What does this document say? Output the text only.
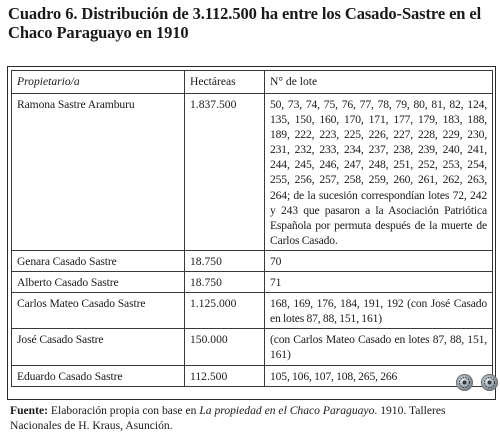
Cuadro 6. Distribución de 3.112.500 ha entre los Casado-Sastre en el Chaco Paraguayo en 1910
Propietario/a	Hectáreas	N° de lote
Ramona Sastre Aramburu	1.837.500	50, 73, 74, 75, 76, 77, 78, 79, 80, 81, 82, 124, 135, 150, 160, 170, 171, 177, 179, 183, 188, 189, 222, 223, 225, 226, 227, 228, 229, 230, 231, 232, 233, 234, 237, 238, 239, 240, 241, 244, 245, 246, 247, 248, 251, 252, 253, 254, 255, 256, 257, 258, 259, 260, 261, 262, 263, 264; de la sucesión correspondían lotes 72, 242 y 243 que pasaron a la Asociación Patriótica Española por permuta después de la muerte de Carlos Casado.
Genara Casado Sastre	18.750	70
Alberto Casado Sastre	18.750	71
Carlos Mateo Casado Sastre	1.125.000	168, 169, 176, 184, 191, 192 (con José Casado en lotes 87, 88, 151, 161)
José Casado Sastre	150.000	(con Carlos Mateo Casado en lotes 87, 88, 151, 161)
Eduardo Casado Sastre	112.500	105, 106, 107, 108, 265, 266
Fuente: Elaboración propia con base en La propiedad en el Chaco Paraguayo. 1910. Talleres Nacionales de H. Kraus, Asunción.
